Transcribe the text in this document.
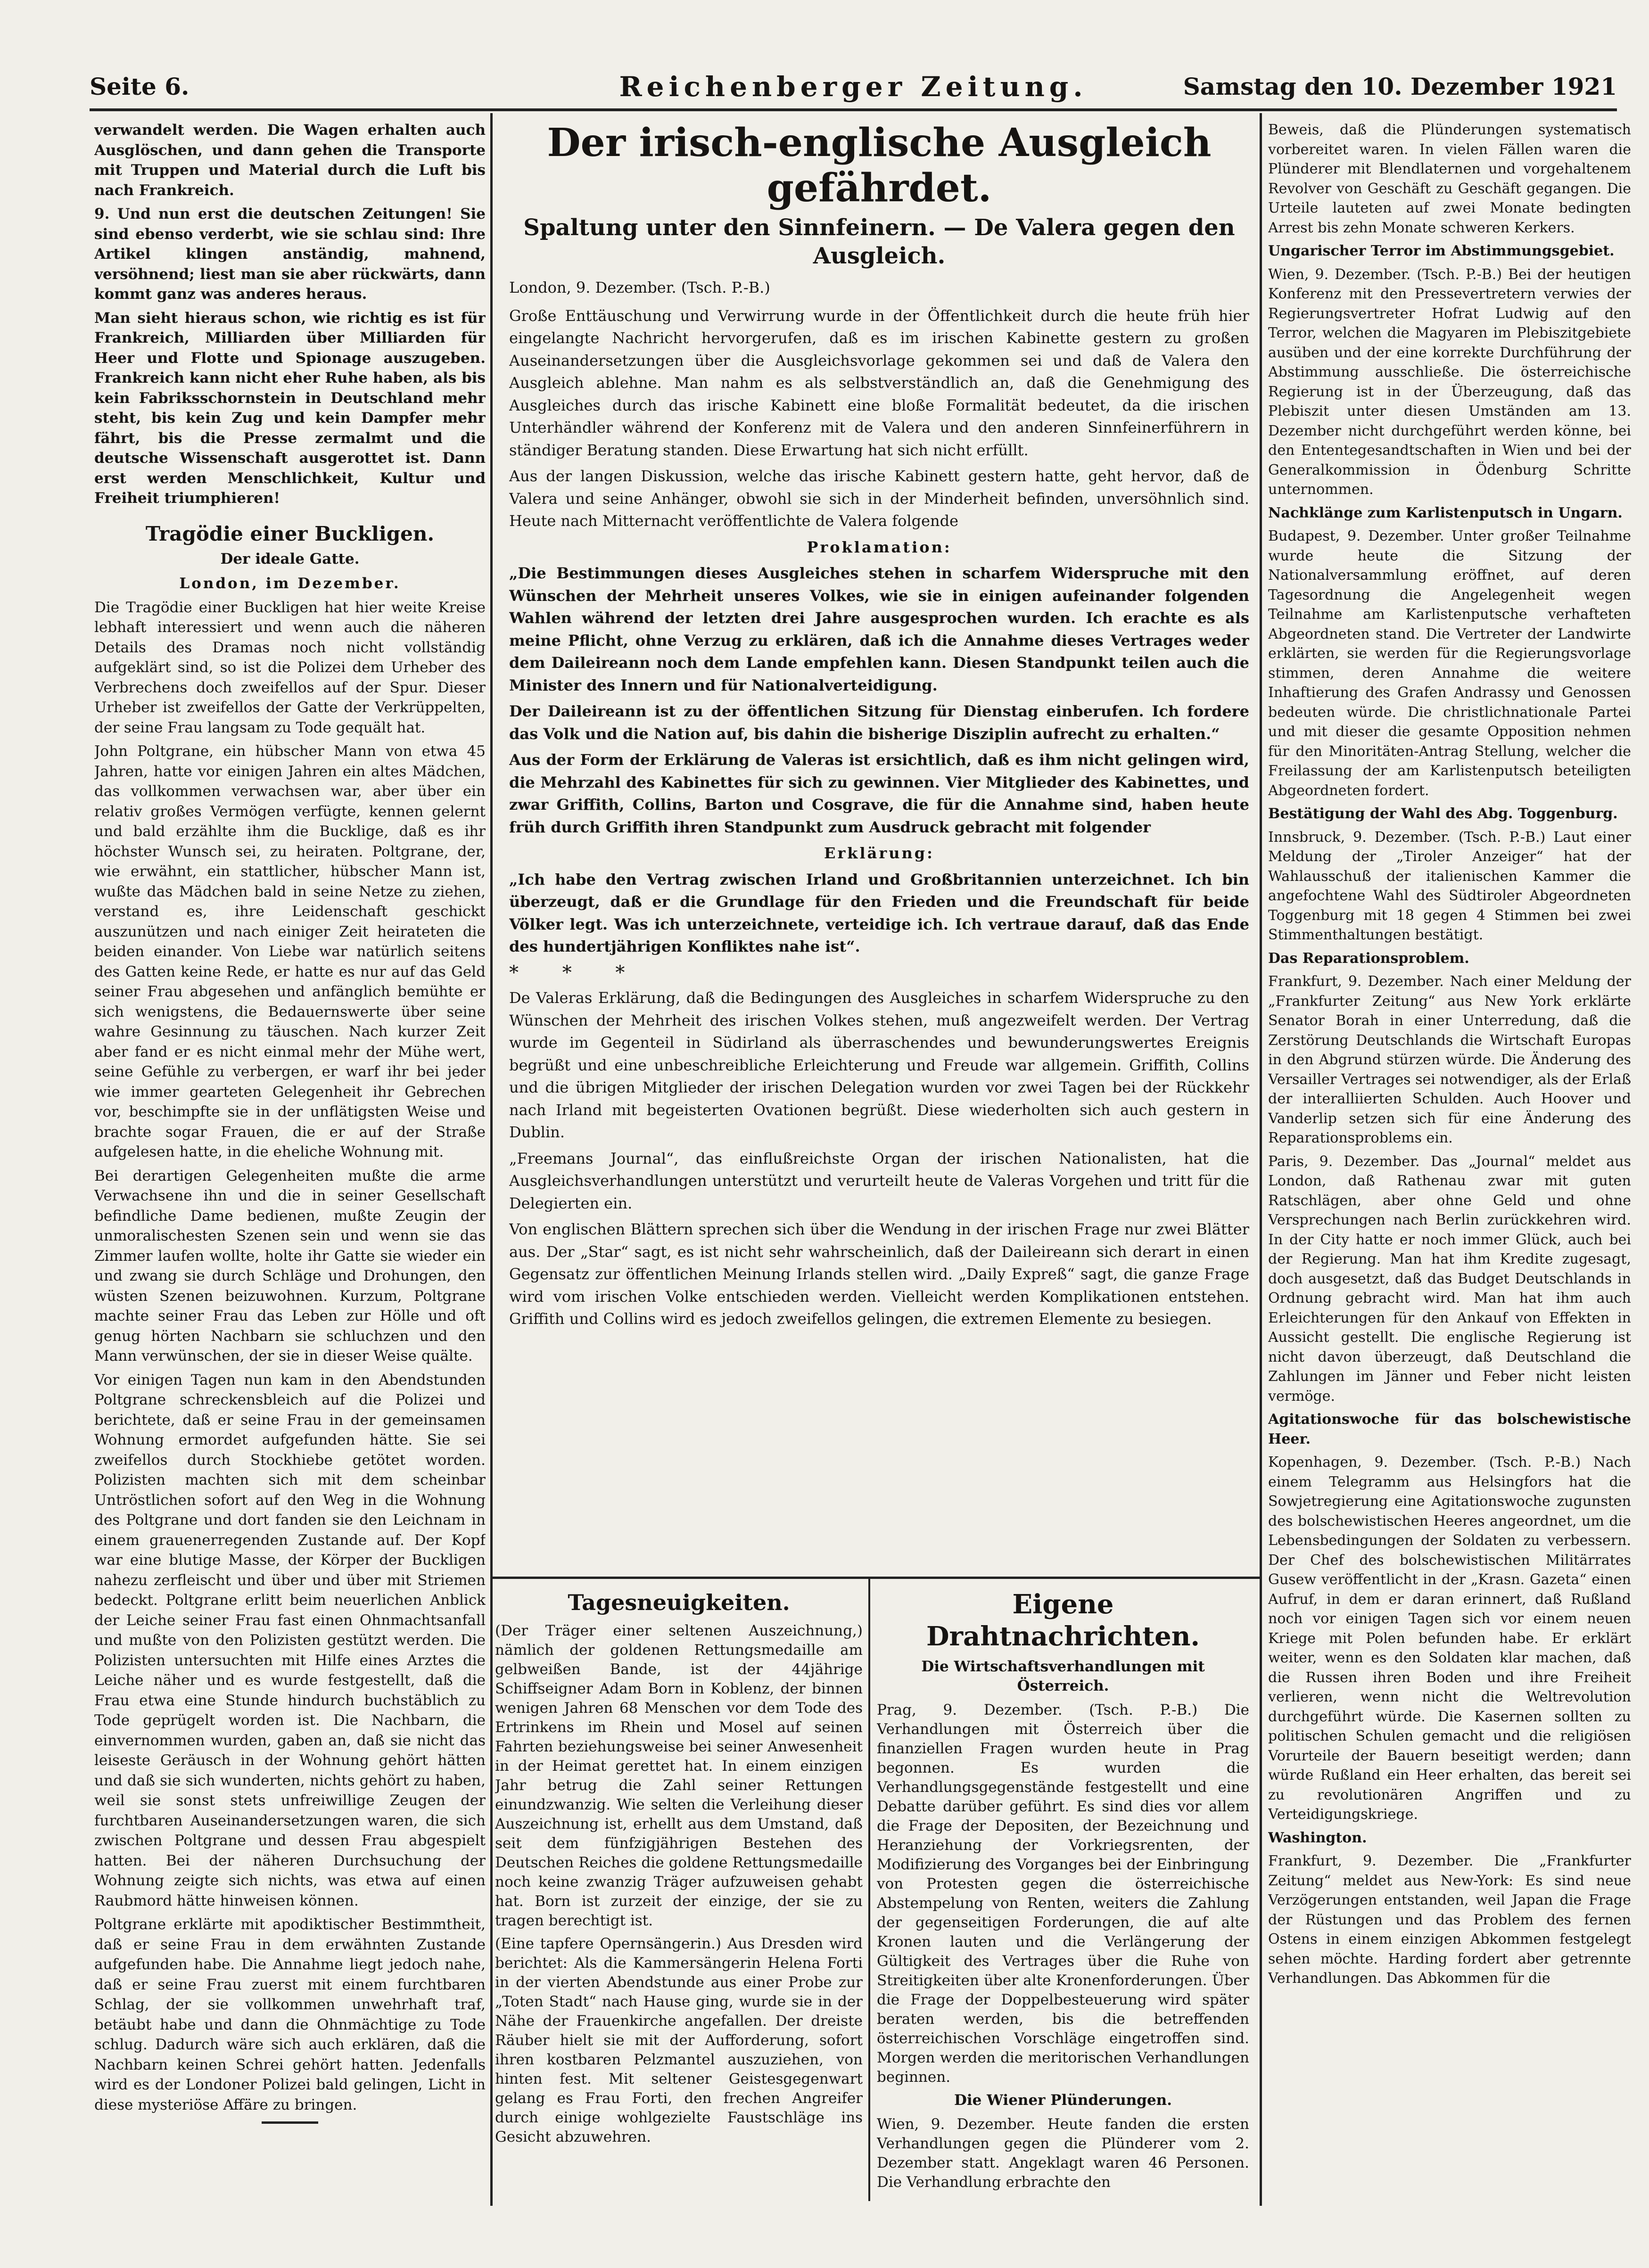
Seite 6.	Reichenberger Zeitung.	Samstag den 10. Dezember 1921

verwandelt werden. Die Wagen erhalten auch Ausglöschen, und dann gehen die Transporte mit Truppen und Material durch die Luft bis nach Frankreich.

9. Und nun erst die deutschen Zeitungen! Sie sind ebenso verderbt, wie sie schlau sind: Ihre Artikel klingen anständig, mahnend, versöhnend; liest man sie aber rückwärts, dann kommt ganz was anderes heraus.

Man sieht hieraus schon, wie richtig es ist für Frankreich, Milliarden über Milliarden für Heer und Flotte und Spionage auszugeben. Frankreich kann nicht eher Ruhe haben, als bis kein Fabriksschornstein in Deutschland mehr steht, bis kein Zug und kein Dampfer mehr fährt, bis die Presse zermalmt und die deutsche Wissenschaft ausgerottet ist. Dann erst werden Menschlichkeit, Kultur und Freiheit triumphieren!

Tragödie einer Buckligen.
Der ideale Gatte.

London, im Dezember.

Die Tragödie einer Buckligen hat hier weite Kreise lebhaft interessiert und wenn auch die näheren Details des Dramas noch nicht vollständig aufgeklärt sind, so ist die Polizei dem Urheber des Verbrechens doch zweifellos auf der Spur. Dieser Urheber ist zweifellos der Gatte der Verkrüppelten, der seine Frau langsam zu Tode gequält hat.

John Poltgrane, ein hübscher Mann von etwa 45 Jahren, hatte vor einigen Jahren ein altes Mädchen, das vollkommen verwachsen war, aber über ein relativ großes Vermögen verfügte, kennen gelernt und bald erzählte ihm die Bucklige, daß es ihr höchster Wunsch sei, zu heiraten. Poltgrane, der, wie erwähnt, ein stattlicher, hübscher Mann ist, wußte das Mädchen bald in seine Netze zu ziehen, verstand es, ihre Leidenschaft geschickt auszunützen und nach einiger Zeit heirateten die beiden einander. Von Liebe war natürlich seitens des Gatten keine Rede, er hatte es nur auf das Geld seiner Frau abgesehen und anfänglich bemühte er sich wenigstens, die Bedauernswerte über seine wahre Gesinnung zu täuschen. Nach kurzer Zeit aber fand er es nicht einmal mehr der Mühe wert, seine Gefühle zu verbergen, er warf ihr bei jeder wie immer gearteten Gelegenheit ihr Gebrechen vor, beschimpfte sie in der unflätigsten Weise und brachte sogar Frauen, die er auf der Straße aufgelesen hatte, in die eheliche Wohnung mit.

Bei derartigen Gelegenheiten mußte die arme Verwachsene ihn und die in seiner Gesellschaft befindliche Dame bedienen, mußte Zeugin der unmoralischesten Szenen sein und wenn sie das Zimmer laufen wollte, holte ihr Gatte sie wieder ein und zwang sie durch Schläge und Drohungen, den wüsten Szenen beizuwohnen. Kurzum, Poltgrane machte seiner Frau das Leben zur Hölle und oft genug hörten Nachbarn sie schluchzen und den Mann verwünschen, der sie in dieser Weise quälte.

Vor einigen Tagen nun kam in den Abendstunden Poltgrane schreckensbleich auf die Polizei und berichtete, daß er seine Frau in der gemeinsamen Wohnung ermordet aufgefunden hätte. Sie sei zweifellos durch Stockhiebe getötet worden. Polizisten machten sich mit dem scheinbar Untröstlichen sofort auf den Weg in die Wohnung des Poltgrane und dort fanden sie den Leichnam in einem grauenerregenden Zustande auf. Der Kopf war eine blutige Masse, der Körper der Buckligen nahezu zerfleischt und über und über mit Striemen bedeckt. Poltgrane erlitt beim neuerlichen Anblick der Leiche seiner Frau fast einen Ohnmachtsanfall und mußte von den Polizisten gestützt werden. Die Polizisten untersuchten mit Hilfe eines Arztes die Leiche näher und es wurde festgestellt, daß die Frau etwa eine Stunde hindurch buchstäblich zu Tode geprügelt worden ist. Die Nachbarn, die einvernommen wurden, gaben an, daß sie nicht das leiseste Geräusch in der Wohnung gehört hätten und daß sie sich wunderten, nichts gehört zu haben, weil sie sonst stets unfreiwillige Zeugen der furchtbaren Auseinandersetzungen waren, die sich zwischen Poltgrane und dessen Frau abgespielt hatten. Bei der näheren Durchsuchung der Wohnung zeigte sich nichts, was etwa auf einen Raubmord hätte hinweisen können.

Poltgrane erklärte mit apodiktischer Bestimmtheit, daß er seine Frau in dem erwähnten Zustande aufgefunden habe. Die Annahme liegt jedoch nahe, daß er seine Frau zuerst mit einem furchtbaren Schlag, der sie vollkommen unwehrhaft traf, betäubt habe und dann die Ohnmächtige zu Tode schlug. Dadurch wäre sich auch erklären, daß die Nachbarn keinen Schrei gehört hatten. Jedenfalls wird es der Londoner Polizei bald gelingen, Licht in diese mysteriöse Affäre zu bringen.

Der irisch-englische Ausgleich gefährdet.
Spaltung unter den Sinnfeinern. — De Valera gegen den Ausgleich.

London, 9. Dezember. (Tsch. P.-B.)

Große Enttäuschung und Verwirrung wurde in der Öffentlichkeit durch die heute früh hier eingelangte Nachricht hervorgerufen, daß es im irischen Kabinette gestern zu großen Auseinandersetzungen über die Ausgleichsvorlage gekommen sei und daß de Valera den Ausgleich ablehne. Man nahm es als selbstverständlich an, daß die Genehmigung des Ausgleiches durch das irische Kabinett eine bloße Formalität bedeutet, da die irischen Unterhändler während der Konferenz mit de Valera und den anderen Sinnfeinerführern in ständiger Beratung standen. Diese Erwartung hat sich nicht erfüllt.

Aus der langen Diskussion, welche das irische Kabinett gestern hatte, geht hervor, daß de Valera und seine Anhänger, obwohl sie sich in der Minderheit befinden, unversöhnlich sind. Heute nach Mitternacht veröffentlichte de Valera folgende

Proklamation:

„Die Bestimmungen dieses Ausgleiches stehen in scharfem Widerspruche mit den Wünschen der Mehrheit unseres Volkes, wie sie in einigen aufeinander folgenden Wahlen während der letzten drei Jahre ausgesprochen wurden. Ich erachte es als meine Pflicht, ohne Verzug zu erklären, daß ich die Annahme dieses Vertrages weder dem Daileireann noch dem Lande empfehlen kann. Diesen Standpunkt teilen auch die Minister des Innern und für Nationalverteidigung.

Der Daileireann ist zu der öffentlichen Sitzung für Dienstag einberufen. Ich fordere das Volk und die Nation auf, bis dahin die bisherige Disziplin aufrecht zu erhalten.“

Aus der Form der Erklärung de Valeras ist ersichtlich, daß es ihm nicht gelingen wird, die Mehrzahl des Kabinettes für sich zu gewinnen. Vier Mitglieder des Kabinettes, und zwar Griffith, Collins, Barton und Cosgrave, die für die Annahme sind, haben heute früh durch Griffith ihren Standpunkt zum Ausdruck gebracht mit folgender

Erklärung:

„Ich habe den Vertrag zwischen Irland und Großbritannien unterzeichnet. Ich bin überzeugt, daß er die Grundlage für den Frieden und die Freundschaft für beide Völker legt. Was ich unterzeichnete, verteidige ich. Ich vertraue darauf, daß das Ende des hundertjährigen Konfliktes nahe ist“.

* * *

De Valeras Erklärung, daß die Bedingungen des Ausgleiches in scharfem Widerspruche zu den Wünschen der Mehrheit des irischen Volkes stehen, muß angezweifelt werden. Der Vertrag wurde im Gegenteil in Südirland als überraschendes und bewunderungswertes Ereignis begrüßt und eine unbeschreibliche Erleichterung und Freude war allgemein. Griffith, Collins und die übrigen Mitglieder der irischen Delegation wurden vor zwei Tagen bei der Rückkehr nach Irland mit begeisterten Ovationen begrüßt. Diese wiederholten sich auch gestern in Dublin.

„Freemans Journal“, das einflußreichste Organ der irischen Nationalisten, hat die Ausgleichsverhandlungen unterstützt und verurteilt heute de Valeras Vorgehen und tritt für die Delegierten ein.

Von englischen Blättern sprechen sich über die Wendung in der irischen Frage nur zwei Blätter aus. Der „Star“ sagt, es ist nicht sehr wahrscheinlich, daß der Daileireann sich derart in einen Gegensatz zur öffentlichen Meinung Irlands stellen wird. „Daily Expreß“ sagt, die ganze Frage wird vom irischen Volke entschieden werden. Vielleicht werden Komplikationen entstehen. Griffith und Collins wird es jedoch zweifellos gelingen, die extremen Elemente zu besiegen.

Tagesneuigkeiten.

(Der Träger einer seltenen Auszeichnung,) nämlich der goldenen Rettungsmedaille am gelbweißen Bande, ist der 44jährige Schiffseigner Adam Born in Koblenz, der binnen wenigen Jahren 68 Menschen vor dem Tode des Ertrinkens im Rhein und Mosel auf seinen Fahrten beziehungsweise bei seiner Anwesenheit in der Heimat gerettet hat. In einem einzigen Jahr betrug die Zahl seiner Rettungen einundzwanzig. Wie selten die Verleihung dieser Auszeichnung ist, erhellt aus dem Umstand, daß seit dem fünfzigjährigen Bestehen des Deutschen Reiches die goldene Rettungsmedaille noch keine zwanzig Träger aufzuweisen gehabt hat. Born ist zurzeit der einzige, der sie zu tragen berechtigt ist.

(Eine tapfere Opernsängerin.) Aus Dresden wird berichtet: Als die Kammersängerin Helena Forti in der vierten Abendstunde aus einer Probe zur „Toten Stadt“ nach Hause ging, wurde sie in der Nähe der Frauenkirche angefallen. Der dreiste Räuber hielt sie mit der Aufforderung, sofort ihren kostbaren Pelzmantel auszuziehen, von hinten fest. Mit seltener Geistesgegenwart gelang es Frau Forti, den frechen Angreifer durch einige wohlgezielte Faustschläge ins Gesicht abzuwehren.

Eigene Drahtnachrichten.
Die Wirtschaftsverhandlungen mit Österreich.

Prag, 9. Dezember. (Tsch. P.-B.) Die Verhandlungen mit Österreich über die finanziellen Fragen wurden heute in Prag begonnen. Es wurden die Verhandlungsgegenstände festgestellt und eine Debatte darüber geführt. Es sind dies vor allem die Frage der Depositen, der Bezeichnung und Heranziehung der Vorkriegsrenten, der Modifizierung des Vorganges bei der Einbringung von Protesten gegen die österreichische Abstempelung von Renten, weiters die Zahlung der gegenseitigen Forderungen, die auf alte Kronen lauten und die Verlängerung der Gültigkeit des Vertrages über die Ruhe von Streitigkeiten über alte Kronenforderungen. Über die Frage der Doppelbesteuerung wird später beraten werden, bis die betreffenden österreichischen Vorschläge eingetroffen sind. Morgen werden die meritorischen Verhandlungen beginnen.

Die Wiener Plünderungen.

Wien, 9. Dezember. Heute fanden die ersten Verhandlungen gegen die Plünderer vom 2. Dezember statt. Angeklagt waren 46 Personen. Die Verhandlung erbrachte den

Beweis, daß die Plünderungen systematisch vorbereitet waren. In vielen Fällen waren die Plünderer mit Blendlaternen und vorgehaltenem Revolver von Geschäft zu Geschäft gegangen. Die Urteile lauteten auf zwei Monate bedingten Arrest bis zehn Monate schweren Kerkers.

Ungarischer Terror im Abstimmungsgebiet.

Wien, 9. Dezember. (Tsch. P.-B.) Bei der heutigen Konferenz mit den Pressevertretern verwies der Regierungsvertreter Hofrat Ludwig auf den Terror, welchen die Magyaren im Plebiszitgebiete ausüben und der eine korrekte Durchführung der Abstimmung ausschließe. Die österreichische Regierung ist in der Überzeugung, daß das Plebiszit unter diesen Umständen am 13. Dezember nicht durchgeführt werden könne, bei den Ententegesandtschaften in Wien und bei der Generalkommission in Ödenburg Schritte unternommen.

Nachklänge zum Karlistenputsch in Ungarn.

Budapest, 9. Dezember. Unter großer Teilnahme wurde heute die Sitzung der Nationalversammlung eröffnet, auf deren Tagesordnung die Angelegenheit wegen Teilnahme am Karlistenputsche verhafteten Abgeordneten stand. Die Vertreter der Landwirte erklärten, sie werden für die Regierungsvorlage stimmen, deren Annahme die weitere Inhaftierung des Grafen Andrassy und Genossen bedeuten würde. Die christlichnationale Partei und mit dieser die gesamte Opposition nehmen für den Minoritäten-Antrag Stellung, welcher die Freilassung der am Karlistenputsch beteiligten Abgeordneten fordert.

Bestätigung der Wahl des Abg. Toggenburg.

Innsbruck, 9. Dezember. (Tsch. P.-B.) Laut einer Meldung der „Tiroler Anzeiger“ hat der Wahlausschuß der italienischen Kammer die angefochtene Wahl des Südtiroler Abgeordneten Toggenburg mit 18 gegen 4 Stimmen bei zwei Stimmenthaltungen bestätigt.

Das Reparationsproblem.

Frankfurt, 9. Dezember. Nach einer Meldung der „Frankfurter Zeitung“ aus New York erklärte Senator Borah in einer Unterredung, daß die Zerstörung Deutschlands die Wirtschaft Europas in den Abgrund stürzen würde. Die Änderung des Versailler Vertrages sei notwendiger, als der Erlaß der interalliierten Schulden. Auch Hoover und Vanderlip setzen sich für eine Änderung des Reparationsproblems ein.

Paris, 9. Dezember. Das „Journal“ meldet aus London, daß Rathenau zwar mit guten Ratschlägen, aber ohne Geld und ohne Versprechungen nach Berlin zurückkehren wird. In der City hatte er noch immer Glück, auch bei der Regierung. Man hat ihm Kredite zugesagt, doch ausgesetzt, daß das Budget Deutschlands in Ordnung gebracht wird. Man hat ihm auch Erleichterungen für den Ankauf von Effekten in Aussicht gestellt. Die englische Regierung ist nicht davon überzeugt, daß Deutschland die Zahlungen im Jänner und Feber nicht leisten vermöge.

Agitationswoche für das bolschewistische Heer.

Kopenhagen, 9. Dezember. (Tsch. P.-B.) Nach einem Telegramm aus Helsingfors hat die Sowjetregierung eine Agitationswoche zugunsten des bolschewistischen Heeres angeordnet, um die Lebensbedingungen der Soldaten zu verbessern. Der Chef des bolschewistischen Militärrates Gusew veröffentlicht in der „Krasn. Gazeta“ einen Aufruf, in dem er daran erinnert, daß Rußland noch vor einigen Tagen sich vor einem neuen Kriege mit Polen befunden habe. Er erklärt weiter, wenn es den Soldaten klar machen, daß die Russen ihren Boden und ihre Freiheit verlieren, wenn nicht die Weltrevolution durchgeführt würde. Die Kasernen sollten zu politischen Schulen gemacht und die religiösen Vorurteile der Bauern beseitigt werden; dann würde Rußland ein Heer erhalten, das bereit sei zu revolutionären Angriffen und zu Verteidigungskriege.

Washington.

Frankfurt, 9. Dezember. Die „Frankfurter Zeitung“ meldet aus New-York: Es sind neue Verzögerungen entstanden, weil Japan die Frage der Rüstungen und das Problem des fernen Ostens in einem einzigen Abkommen festgelegt sehen möchte. Harding fordert aber getrennte Verhandlungen. Das Abkommen für die
